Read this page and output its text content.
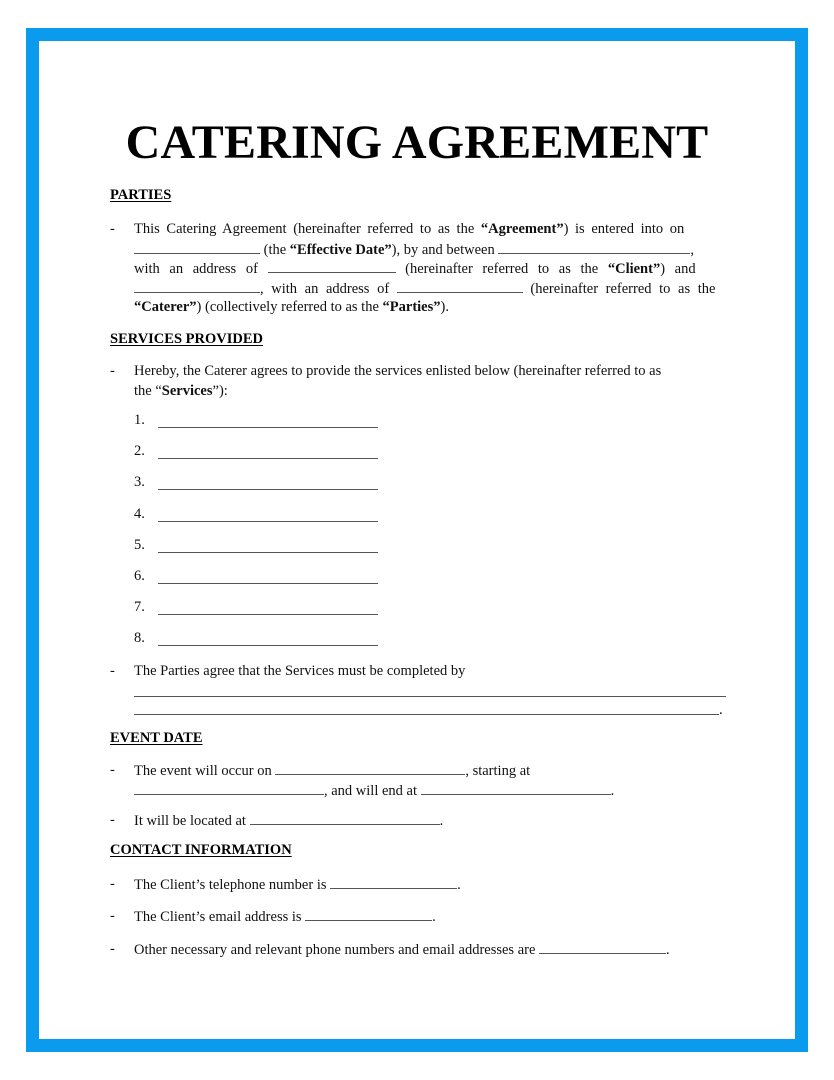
CATERING AGREEMENT
PARTIES
- This Catering Agreement (hereinafter referred to as the “Agreement”) is entered into on
(the “Effective Date”), by and between	,
with an address of	(hereinafter referred to as the “Client”) and
, with an address of	(hereinafter referred to as the
“Caterer”) (collectively referred to as the “Parties”).
SERVICES PROVIDED
- Hereby, the Caterer agrees to provide the services enlisted below (hereinafter referred to as
the “Services”):
1.
2.
3.
4.
5.
6.
7.
8.
- The Parties agree that the Services must be completed by
.
EVENT DATE
- The event will occur on	, starting at
, and will end at	.
- It will be located at	.
CONTACT INFORMATION
- The Client’s telephone number is	.
- The Client’s email address is	.
- Other necessary and relevant phone numbers and email addresses are	.
